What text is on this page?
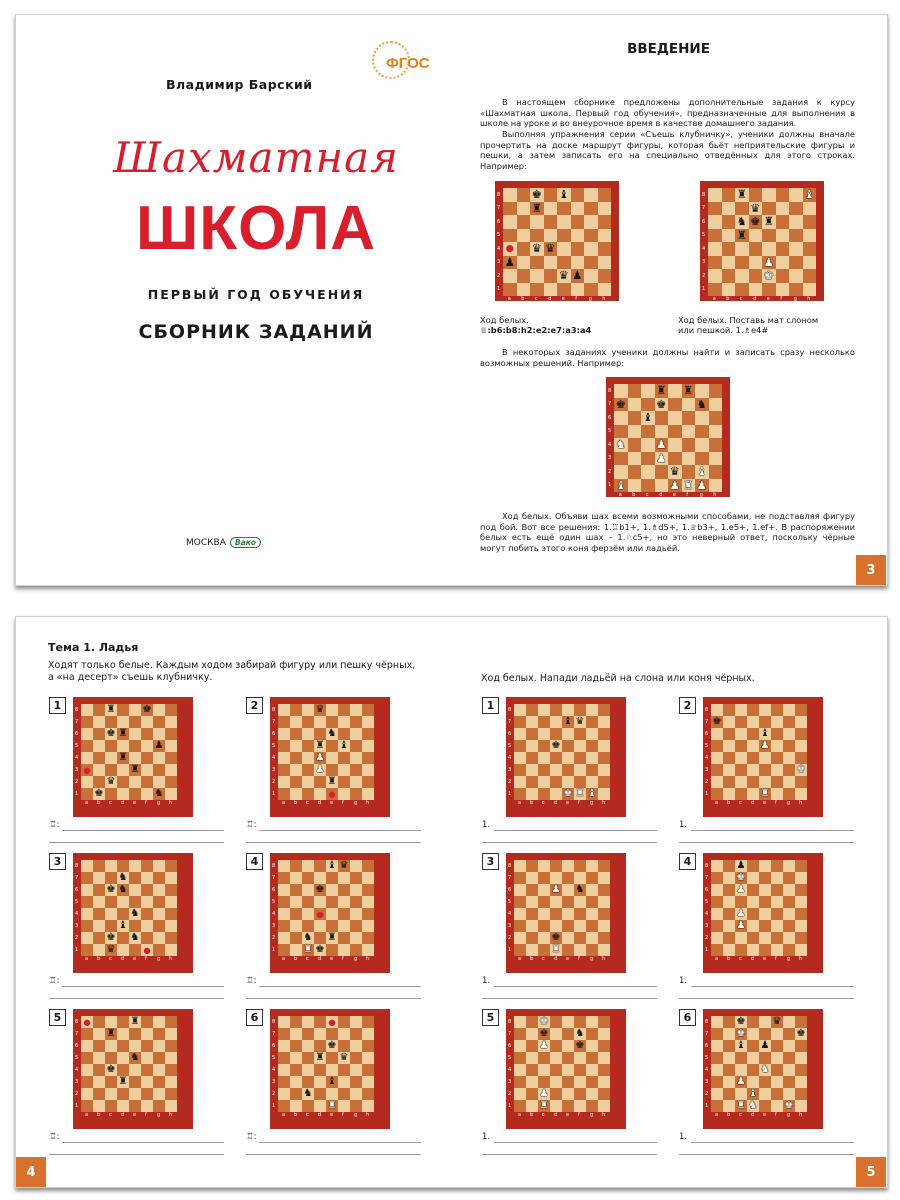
ФГОС
Владимир Барский
Шахматная
ШКОЛА
ПЕРВЫЙ ГОД ОБУЧЕНИЯ
СБОРНИК ЗАДАНИЙ
МОСКВА	Вако
ВВЕДЕНИЕ
В настоящем сборнике предложены дополнительные задания к курсу «Шахматная школа. Первый год обучения», предназначенные для выполнения в школе на уроке и во внеурочное время в качестве домашнего задания.
Выполняя упражнения серии «Съешь клубничку», ученики должны вначале прочертить на доске маршрут фигуры, которая бьёт неприятельские фигуры и пешки, а затем записать его на специально отведённых для этого строках. Например:
♚ ♝
♜
● ♛ ♛
♟
♛ ♟
8
7
6
5
4
3
2
1
a b c d e f g h
♜	♝
♛
♞ ♚ ♜
♜
♟
♚
8
7
6
5
4
3
2
1
a b c d e f g h
Ход белых.
♕:b6:b8:h2:e2:e7:a3:a4
Ход белых. Поставь мат слоном
или пешкой. 1.♗e4#
В некоторых заданиях ученики должны найти и записать сразу несколько возможных решений. Например:
♜ ♜
♚	♚	♞
♝
♞	♟
♟
♛ ♝
♝	♟ ♜ ♟
8
7
6
5
4
3
2
1
a b c d e f g h
Ход белых. Объяви шах всеми возможными способами, не подставляя фигуру под бой. Вот все решения: 1.♖b1+, 1.♗d5+, 1.♕b3+, 1.e5+, 1.ef+. В распоряжении белых есть ещё один шах – 1.♘c5+, но это неверный ответ, поскольку чёрные могут побить этого коня ферзём или ладьёй.
3
Тема 1. Ладья
Ходят только белые. Каждым ходом забирай фигуру или пешку чёрных, а «на десерт» съешь клубничку.	Ход белых. Напади ладьёй на слона или коня чёрных.
1	♜	♚
♚ ♜
♟
♜
●	♜
♛
♚	♞
8
7
6
5
4
3
2
1
a b c d e f g h
♖:
2	♛
♞
♜ ♝
♟
♟
♜
●
8
7
6
5
4
3
2
1
a b c d e f g h
♖:
3
♞
♚ ♞
♞
♝
♚ ♞
♛	●
8
7
6
5
4
3
2
1
a b c d e f g h
♖:
4	♝ ♛
♚
●
♞ ♜
♜ ♚
8
7
6
5
4
3
2
1
a b c d e f g h
♖:
5	●	♜
♜
♞
♚
♜
8
7
6
5
4
3
2
1
a b c d e f g h
♖:
6	●
♚
♜ ♛
♝
♞
♜
8
7
6
5
4
3
2
1
a b c d e f g h
♖:
1
♝ ♛
♚
♚ ♜ ♝
8
7
6
5
4
3
2
1
a b c d e f g h
1.
2
♚
♝
♟
♚
♜
8
7
6
5
4
3
2
1
a b c d e f g h
1.
3
♟ ♞
♚
♜
8
7
6
5
4
3
2
1
a b c d e f g h
1.
4	♟
♚
♟
♟
♟
8
7
6
5
4
3
2
1
a b c d e f g h
1.
5	♚
♚	♞
♟	♚
♟
♜
8
7
6
5
4
3
2
1
a b c d e f g h
1.
6	♚	♛
♚	♚
♝ ♟
♞
♟
♝
♜ ♞	♚
8
7
6
5
4
3
2
1
a b c d e f g h
1.
4	5
